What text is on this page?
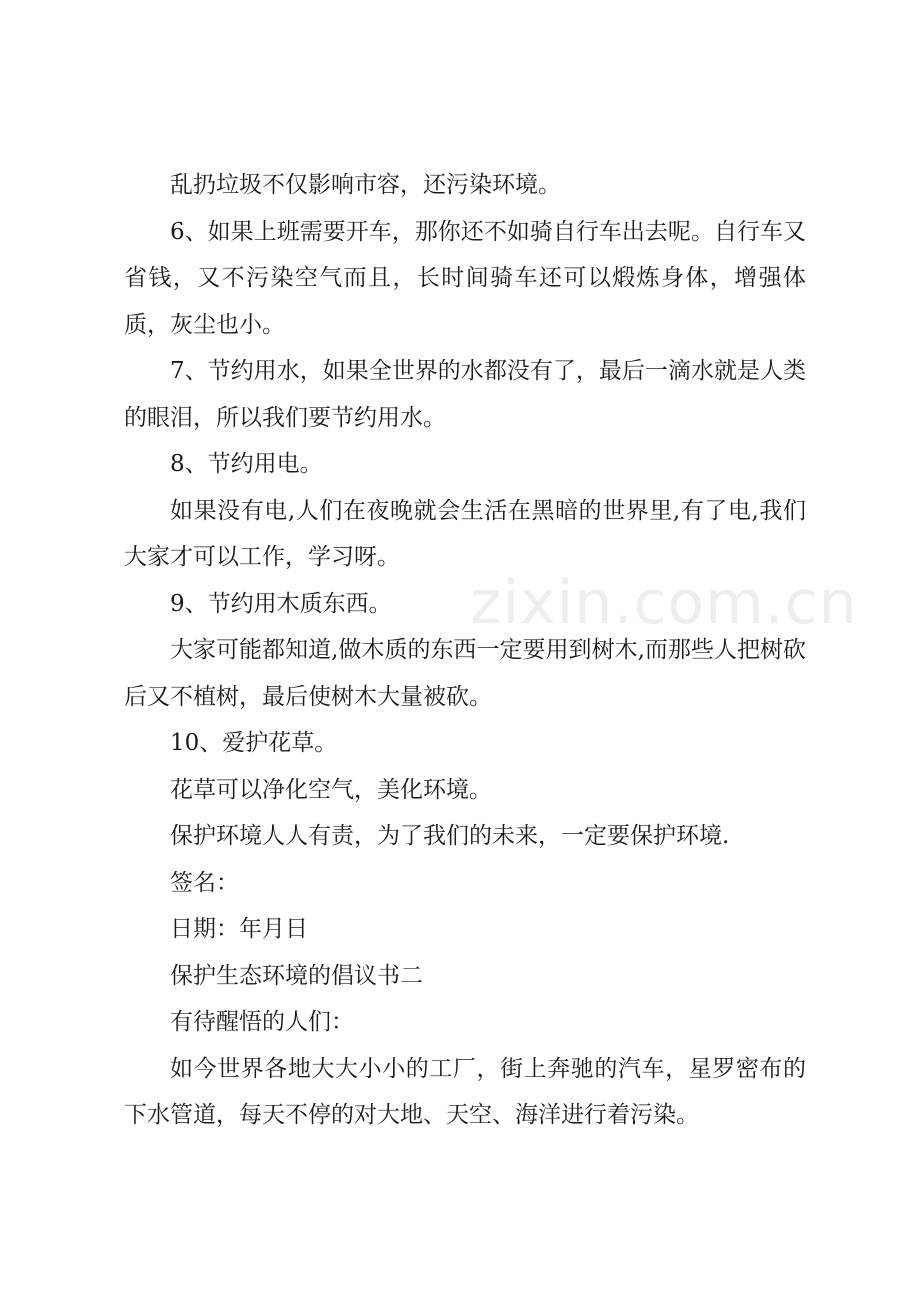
乱扔垃圾不仅影响市容，还污染环境。

6、如果上班需要开车，那你还不如骑自行车出去呢。自行车又省钱，又不污染空气而且，长时间骑车还可以煅炼身体，增强体质，灰尘也小。

7、节约用水，如果全世界的水都没有了，最后一滴水就是人类的眼泪，所以我们要节约用水。

8、节约用电。

如果没有电,人们在夜晚就会生活在黑暗的世界里,有了电,我们大家才可以工作，学习呀。

9、节约用木质东西。

大家可能都知道,做木质的东西一定要用到树木,而那些人把树砍后又不植树，最后使树木大量被砍。

10、爱护花草。

花草可以净化空气，美化环境。

保护环境人人有责，为了我们的未来，一定要保护环境.

签名：

日期：年月日

保护生态环境的倡议书二

有待醒悟的人们：

如今世界各地大大小小的工厂，街上奔驰的汽车，星罗密布的下水管道，每天不停的对大地、天空、海洋进行着污染。

zixin.com.cn
